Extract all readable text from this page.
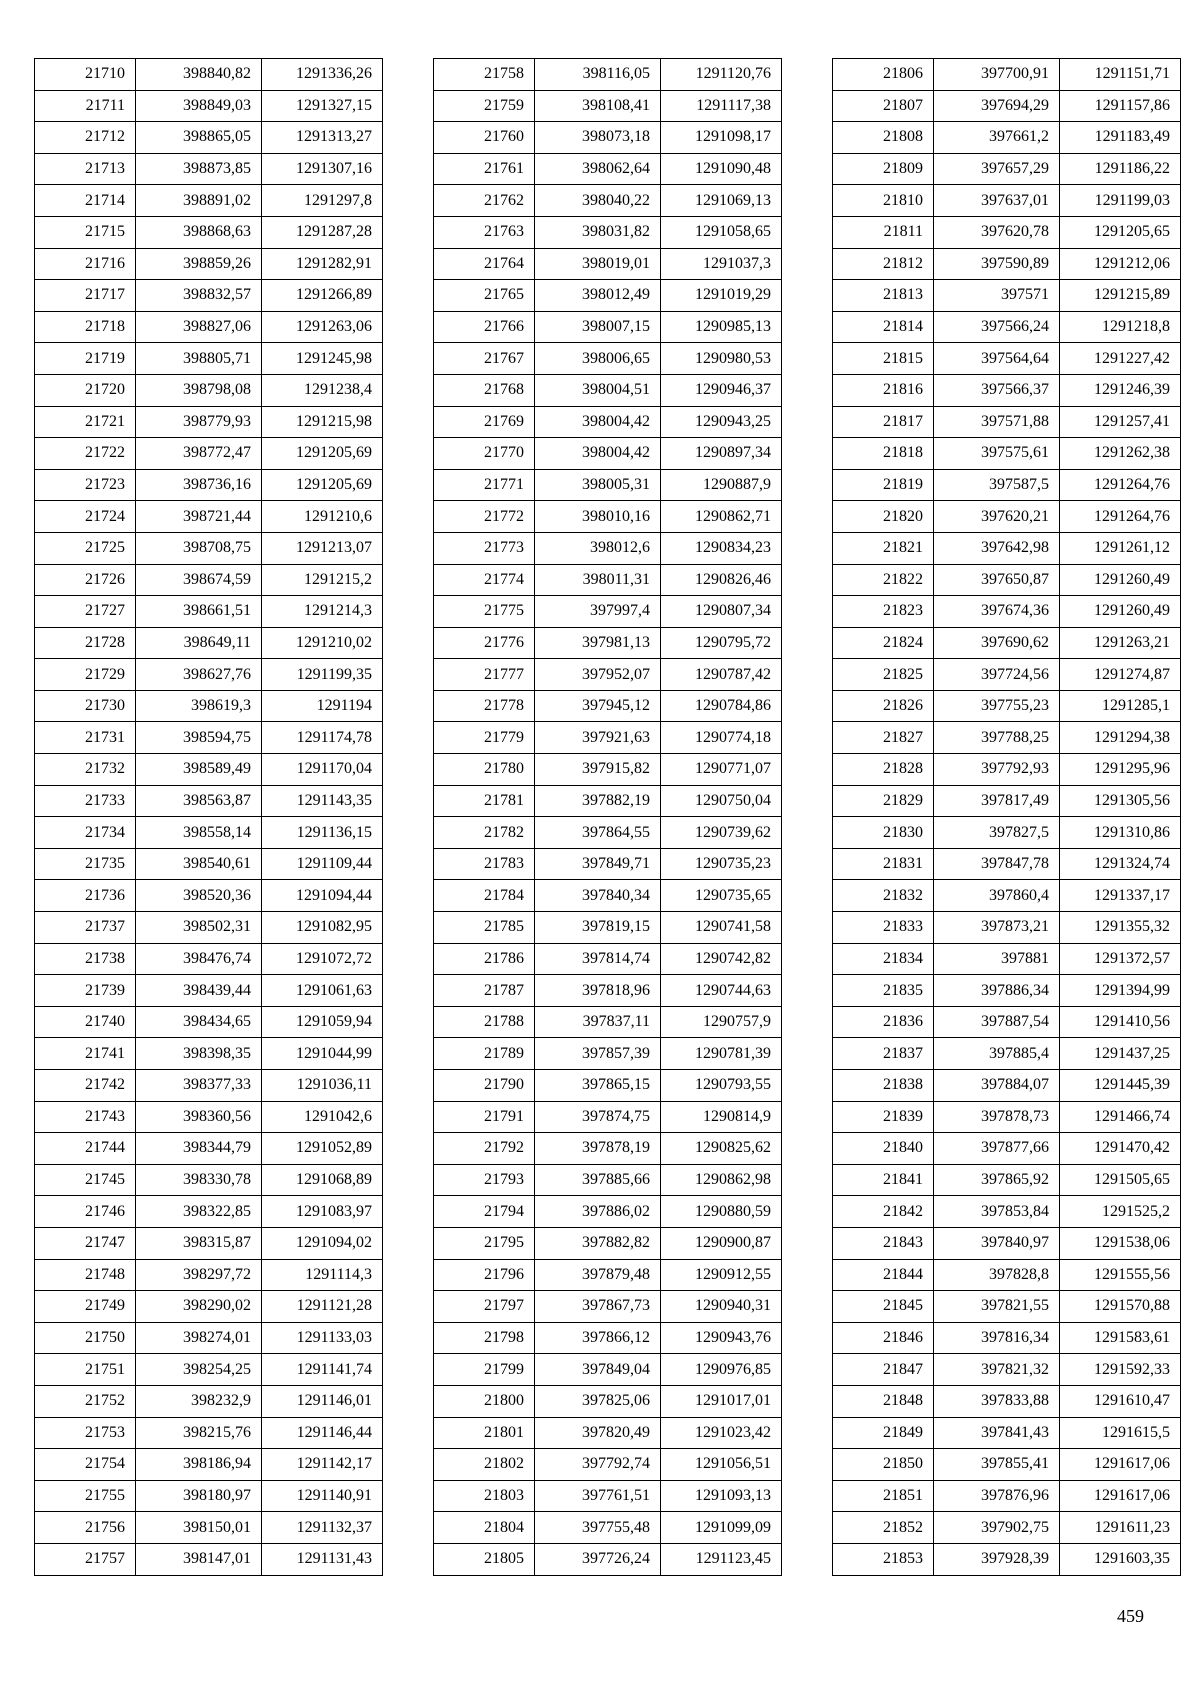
21710	398840,82	1291336,26
21711	398849,03	1291327,15
21712	398865,05	1291313,27
21713	398873,85	1291307,16
21714	398891,02	1291297,8
21715	398868,63	1291287,28
21716	398859,26	1291282,91
21717	398832,57	1291266,89
21718	398827,06	1291263,06
21719	398805,71	1291245,98
21720	398798,08	1291238,4
21721	398779,93	1291215,98
21722	398772,47	1291205,69
21723	398736,16	1291205,69
21724	398721,44	1291210,6
21725	398708,75	1291213,07
21726	398674,59	1291215,2
21727	398661,51	1291214,3
21728	398649,11	1291210,02
21729	398627,76	1291199,35
21730	398619,3	1291194
21731	398594,75	1291174,78
21732	398589,49	1291170,04
21733	398563,87	1291143,35
21734	398558,14	1291136,15
21735	398540,61	1291109,44
21736	398520,36	1291094,44
21737	398502,31	1291082,95
21738	398476,74	1291072,72
21739	398439,44	1291061,63
21740	398434,65	1291059,94
21741	398398,35	1291044,99
21742	398377,33	1291036,11
21743	398360,56	1291042,6
21744	398344,79	1291052,89
21745	398330,78	1291068,89
21746	398322,85	1291083,97
21747	398315,87	1291094,02
21748	398297,72	1291114,3
21749	398290,02	1291121,28
21750	398274,01	1291133,03
21751	398254,25	1291141,74
21752	398232,9	1291146,01
21753	398215,76	1291146,44
21754	398186,94	1291142,17
21755	398180,97	1291140,91
21756	398150,01	1291132,37
21757	398147,01	1291131,43
21758	398116,05	1291120,76
21759	398108,41	1291117,38
21760	398073,18	1291098,17
21761	398062,64	1291090,48
21762	398040,22	1291069,13
21763	398031,82	1291058,65
21764	398019,01	1291037,3
21765	398012,49	1291019,29
21766	398007,15	1290985,13
21767	398006,65	1290980,53
21768	398004,51	1290946,37
21769	398004,42	1290943,25
21770	398004,42	1290897,34
21771	398005,31	1290887,9
21772	398010,16	1290862,71
21773	398012,6	1290834,23
21774	398011,31	1290826,46
21775	397997,4	1290807,34
21776	397981,13	1290795,72
21777	397952,07	1290787,42
21778	397945,12	1290784,86
21779	397921,63	1290774,18
21780	397915,82	1290771,07
21781	397882,19	1290750,04
21782	397864,55	1290739,62
21783	397849,71	1290735,23
21784	397840,34	1290735,65
21785	397819,15	1290741,58
21786	397814,74	1290742,82
21787	397818,96	1290744,63
21788	397837,11	1290757,9
21789	397857,39	1290781,39
21790	397865,15	1290793,55
21791	397874,75	1290814,9
21792	397878,19	1290825,62
21793	397885,66	1290862,98
21794	397886,02	1290880,59
21795	397882,82	1290900,87
21796	397879,48	1290912,55
21797	397867,73	1290940,31
21798	397866,12	1290943,76
21799	397849,04	1290976,85
21800	397825,06	1291017,01
21801	397820,49	1291023,42
21802	397792,74	1291056,51
21803	397761,51	1291093,13
21804	397755,48	1291099,09
21805	397726,24	1291123,45
21806	397700,91	1291151,71
21807	397694,29	1291157,86
21808	397661,2	1291183,49
21809	397657,29	1291186,22
21810	397637,01	1291199,03
21811	397620,78	1291205,65
21812	397590,89	1291212,06
21813	397571	1291215,89
21814	397566,24	1291218,8
21815	397564,64	1291227,42
21816	397566,37	1291246,39
21817	397571,88	1291257,41
21818	397575,61	1291262,38
21819	397587,5	1291264,76
21820	397620,21	1291264,76
21821	397642,98	1291261,12
21822	397650,87	1291260,49
21823	397674,36	1291260,49
21824	397690,62	1291263,21
21825	397724,56	1291274,87
21826	397755,23	1291285,1
21827	397788,25	1291294,38
21828	397792,93	1291295,96
21829	397817,49	1291305,56
21830	397827,5	1291310,86
21831	397847,78	1291324,74
21832	397860,4	1291337,17
21833	397873,21	1291355,32
21834	397881	1291372,57
21835	397886,34	1291394,99
21836	397887,54	1291410,56
21837	397885,4	1291437,25
21838	397884,07	1291445,39
21839	397878,73	1291466,74
21840	397877,66	1291470,42
21841	397865,92	1291505,65
21842	397853,84	1291525,2
21843	397840,97	1291538,06
21844	397828,8	1291555,56
21845	397821,55	1291570,88
21846	397816,34	1291583,61
21847	397821,32	1291592,33
21848	397833,88	1291610,47
21849	397841,43	1291615,5
21850	397855,41	1291617,06
21851	397876,96	1291617,06
21852	397902,75	1291611,23
21853	397928,39	1291603,35
459
